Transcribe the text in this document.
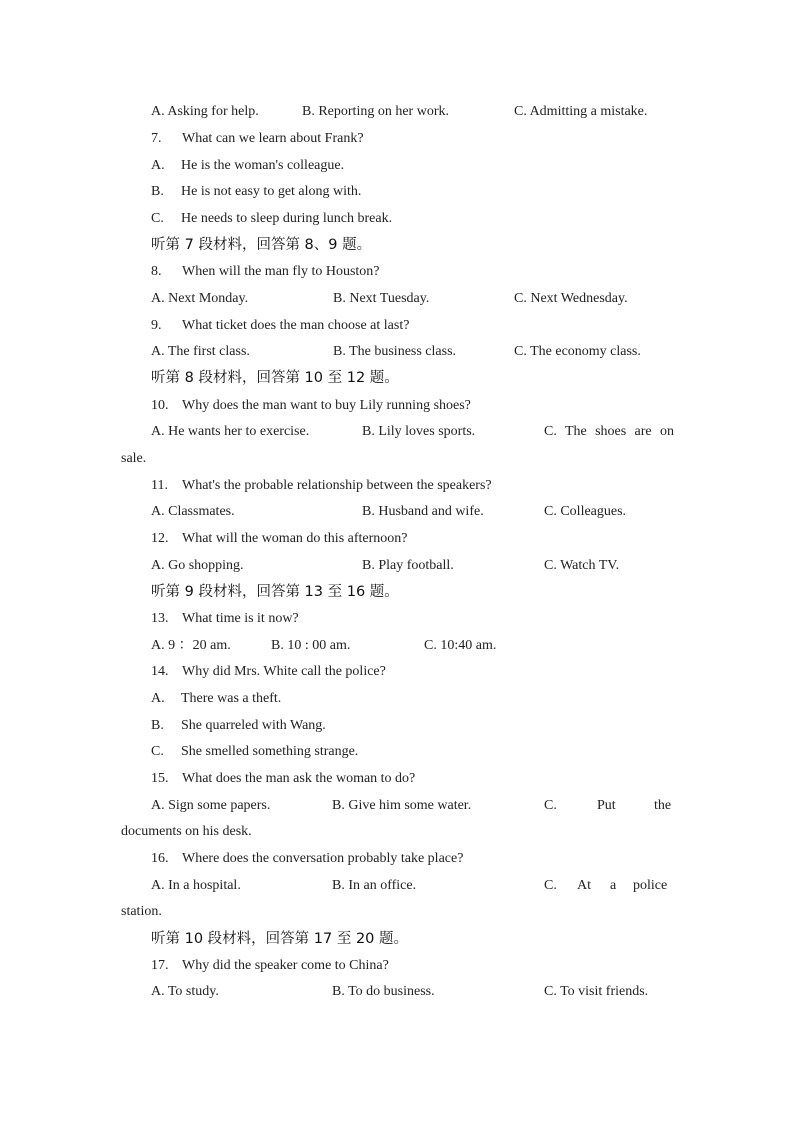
A. Asking for help.	B. Reporting on her work.	C. Admitting a mistake.
7. What can we learn about Frank?
A. He is the woman's colleague.
B. He is not easy to get along with.
C. He needs to sleep during lunch break.
听第 7 段材料，回答第 8、9 题。
8. When will the man fly to Houston?
A. Next Monday.	B. Next Tuesday.	C. Next Wednesday.
9. What ticket does the man choose at last?
A. The first class.	B. The business class.	C. The economy class.
听第 8 段材料，回答第 10 至 12 题。
10. Why does the man want to buy Lily running shoes?
A. He wants her to exercise.	B. Lily loves sports.	C. The shoes are on
sale.
11. What's the probable relationship between the speakers?
A. Classmates.	B. Husband and wife.	C. Colleagues.
12. What will the woman do this afternoon?
A. Go shopping.	B. Play football.	C. Watch TV.
听第 9 段材料，回答第 13 至 16 题。
13. What time is it now?
A. 9 ：20 am.	B. 10 : 00 am.	C. 10:40 am.
14. Why did Mrs. White call the police?
A. There was a theft.
B. She quarreled with Wang.
C. She smelled something strange.
15. What does the man ask the woman to do?
A. Sign some papers.	B. Give him some water.	C.	Put	the
documents on his desk.
16. Where does the conversation probably take place?
A. In a hospital.	B. In an office.	C. At a police
station.
听第 10 段材料，回答第 17 至 20 题。
17. Why did the speaker come to China?
A. To study.	B. To do business.	C. To visit friends.
